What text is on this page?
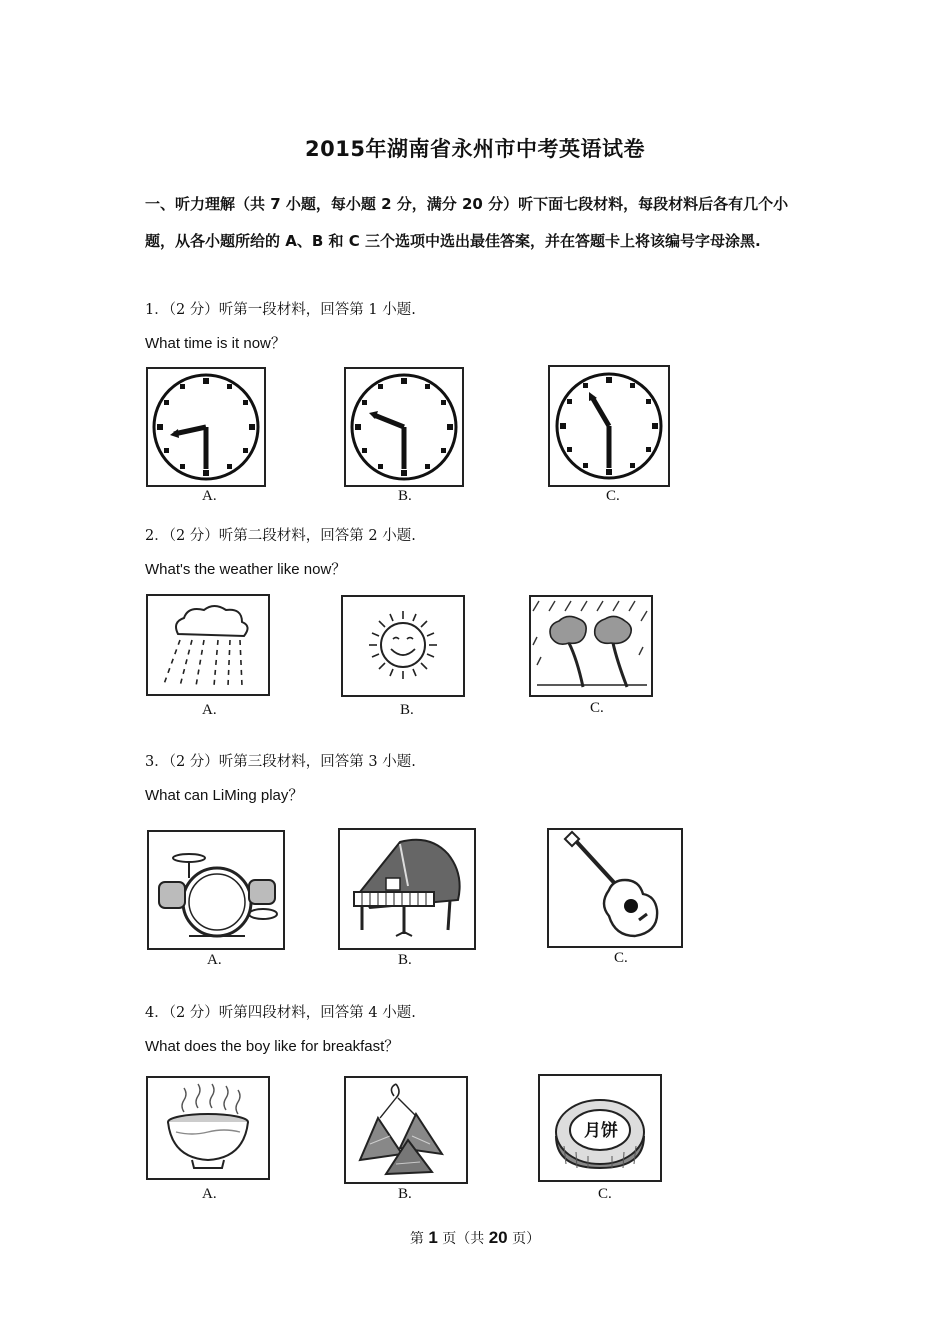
2015年湖南省永州市中考英语试卷
一、听力理解（共 7 小题，每小题 2 分，满分 20 分）听下面七段材料，每段材料后各有几个小题，从各小题所给的 A、B 和 C 三个选项中选出最佳答案，并在答题卡上将该编号字母涂黑.
1．（2 分）听第一段材料，回答第 1 小题.
What time is it now？
A.	B.	C.
2．（2 分）听第二段材料，回答第 2 小题.
What's the weather like now？
A.	B.	C.
3．（2 分）听第三段材料，回答第 3 小题.
What can LiMing play？
A.	B.	C.
4．（2 分）听第四段材料，回答第 4 小题.
What does the boy like for breakfast？
A.	B.
月饼
C.
第 1 页（共 20 页）
